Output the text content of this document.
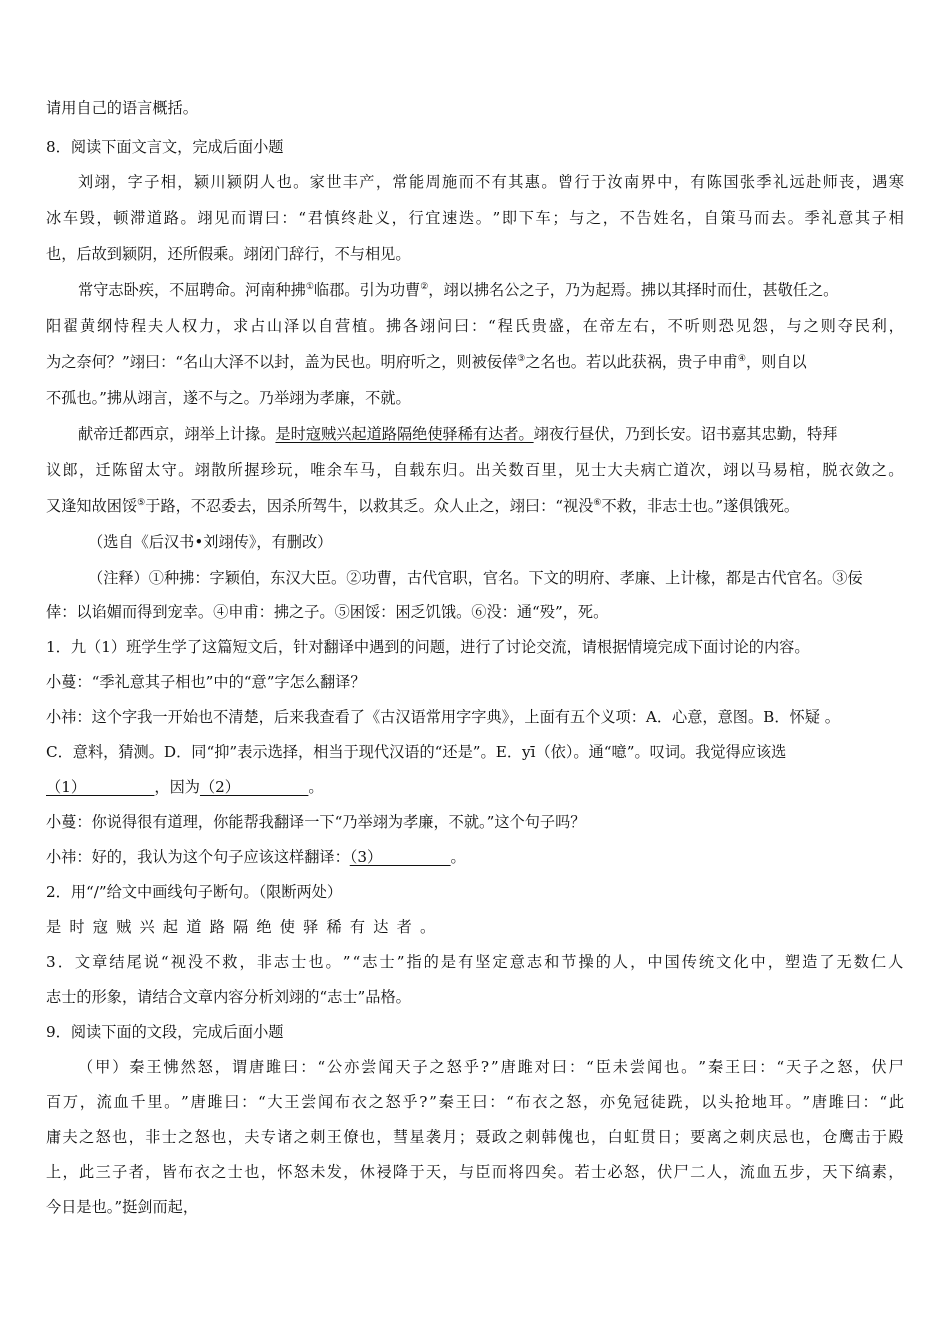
请用自己的语言概括。
8．阅读下面文言文，完成后面小题
刘 翊 ， 字 子 相 ， 颍 川 颍 阴 人 也 。 家 世 丰 产 ， 常 能 周 施 而 不 有 其 惠 。 曾 行 于 汝 南 界 中 ， 有 陈 国 张 季 礼 远 赴 师 丧 ， 遇 寒
冰 车 毁 ， 顿 滞 道 路 。 翊 见 而 谓 曰 ： “ 君 慎 终 赴 义 ， 行 宜 速 迭 。 ” 即 下 车 ； 与 之 ， 不 告 姓 名 ， 自 策 马 而 去 。 季 礼 意 其 子 相
也，后故到颍阴，还所假乘。翊闭门辞行，不与相见。
常守志卧疾，不屈聘命。河南种拂①临郡。引为功曹②，翊以拂名公之子，乃为起焉。拂以其择时而仕，甚敬任之。
阳 翟 黄 纲 恃 程 夫 人 权 力 ， 求 占 山 泽 以 自 营 植 。 拂 各 翊 问 曰 ： “ 程 氏 贵 盛 ， 在 帝 左 右 ， 不 听 则 恐 见 怨 ， 与 之 则 夺 民 利 ，
为之奈何？”翊曰：“名山大泽不以封，盖为民也。明府听之，则被佞倖③之名也。若以此获祸，贵子申甫④，则自以
不孤也。”拂从翊言，遂不与之。乃举翊为孝廉，不就。
献帝迁都西京，翊举上计掾。是时寇贼兴起道路隔绝使驿稀有达者。翊夜行昼伏，乃到长安。诏书嘉其忠勤，特拜
议 郎 ， 迁 陈 留 太 守 。 翊 散 所 握 珍 玩 ， 唯 余 车 马 ， 自 载 东 归 。 出 关 数 百 里 ， 见 士 大 夫 病 亡 道 次 ， 翊 以 马 易 棺 ， 脱 衣 敛 之 。
又逢知故困馁⑤于路，不忍委去，因杀所驾牛，以救其乏。众人止之，翊曰：“视没⑥不救，非志士也。”遂俱饿死。
（选自《后汉书•刘翊传》，有删改）
（注释）①种拂：字颖伯，东汉大臣。②功曹，古代官职，官名。下文的明府、孝廉、上计椽，都是古代官名。③佞
倖：以谄媚而得到宠幸。④申甫：拂之子。⑤困馁：困乏饥饿。⑥没：通“殁”，死。
1．九（1）班学生学了这篇短文后，针对翻译中遇到的问题，进行了讨论交流，请根据情境完成下面讨论的内容。
小蔓：“季礼意其子相也”中的“意”字怎么翻译？
小祎：这个字我一开始也不清楚，后来我查看了《古汉语常用字字典》，上面有五个义项：A．心意，意图。B．怀疑 。
C．意料，猜测。D．同“抑”表示选择，相当于现代汉语的“还是”。E．yī（依）。通“噫”。叹词。我觉得应该选
（1）_________，因为（2）_________。
小蔓：你说得很有道理，你能帮我翻译一下“乃举翊为孝廉，不就。”这个句子吗？
小祎：好的，我认为这个句子应该这样翻译：（3）_________。
2．用“/”给文中画线句子断句。（限断两处）
是 时 寇 贼 兴 起 道 路 隔 绝 使 驿 稀 有 达 者 。
3 ． 文 章 结 尾 说 “ 视 没 不 救 ， 非 志 士 也 。 ” “ 志 士 ” 指 的 是 有 坚 定 意 志 和 节 操 的 人 ， 中 国 传 统 文 化 中 ， 塑 造 了 无 数 仁 人
志士的形象，请结合文章内容分析刘翊的“志士”品格。
9．阅读下面的文段，完成后面小题
（ 甲 ） 秦 王 怫 然 怒 ， 谓 唐 雎 曰 ： “ 公 亦 尝 闻 天 子 之 怒 乎 ? ” 唐 雎 对 曰 ： “ 臣 未 尝 闻 也 。 ” 秦 王 曰 ： “ 天 子 之 怒 ， 伏 尸
百 万 ， 流 血 千 里 。 ” 唐 雎 曰 ： “ 大 王 尝 闻 布 衣 之 怒 乎 ? ” 秦 王 曰 ： “ 布 衣 之 怒 ， 亦 免 冠 徒 跣 ， 以 头 抢 地 耳 。 ” 唐 雎 曰 ： “ 此
庸 夫 之 怒 也 ， 非 士 之 怒 也 ， 夫 专 诸 之 刺 王 僚 也 ， 彗 星 袭 月 ； 聂 政 之 刺 韩 傀 也 ， 白 虹 贯 日 ； 要 离 之 刺 庆 忌 也 ， 仓 鹰 击 于 殿
上 ， 此 三 子 者 ， 皆 布 衣 之 士 也 ， 怀 怒 未 发 ， 休 祲 降 于 天 ， 与 臣 而 将 四 矣 。 若 士 必 怒 ， 伏 尸 二 人 ， 流 血 五 步 ， 天 下 缟 素 ，
今日是也。”挺剑而起，
